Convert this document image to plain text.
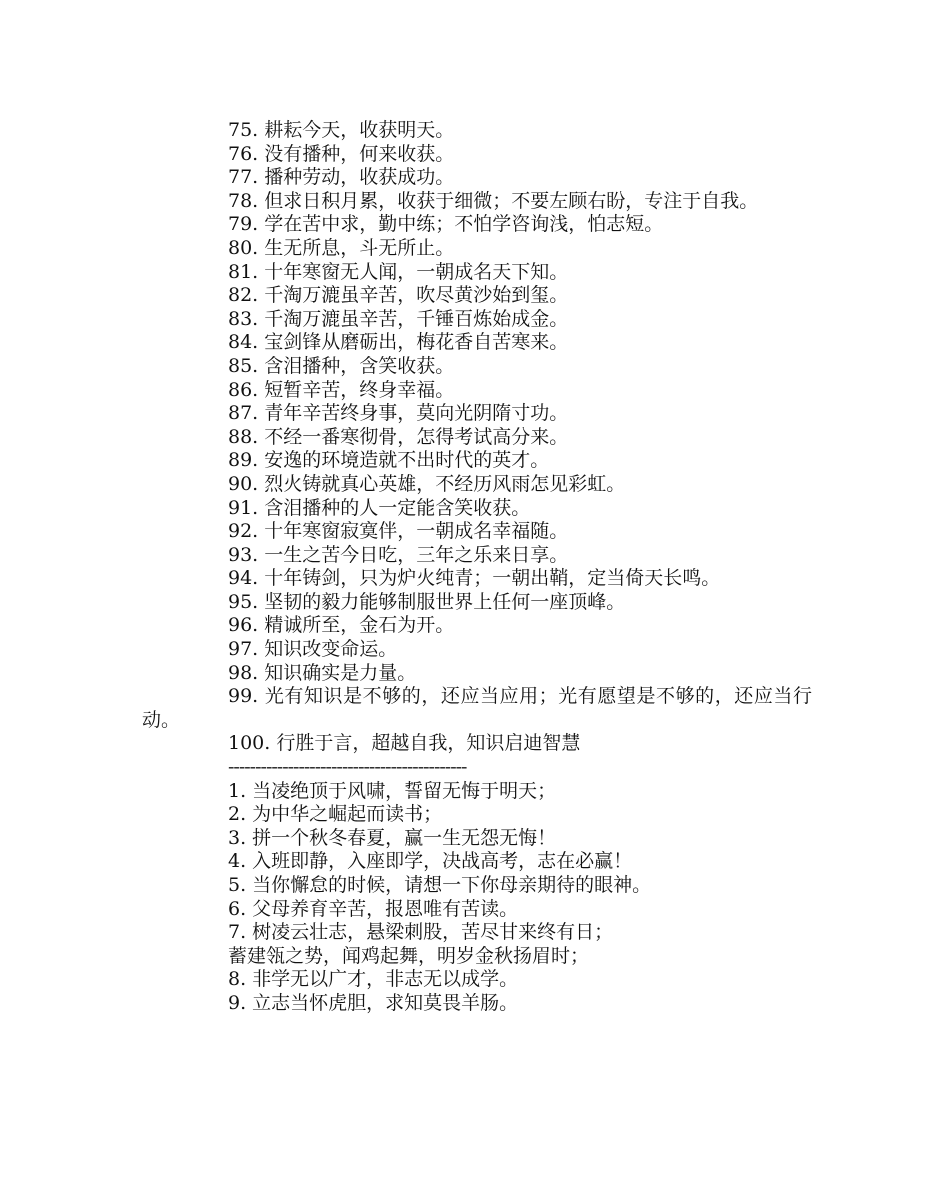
75. 耕耘今天，收获明天。
76. 没有播种，何来收获。
77. 播种劳动，收获成功。
78. 但求日积月累，收获于细微；不要左顾右盼，专注于自我。
79. 学在苦中求，勤中练；不怕学咨询浅，怕志短。
80. 生无所息，斗无所止。
81. 十年寒窗无人闻，一朝成名天下知。
82. 千淘万漉虽辛苦，吹尽黄沙始到玺。
83. 千淘万漉虽辛苦，千锤百炼始成金。
84. 宝剑锋从磨砺出，梅花香自苦寒来。
85. 含泪播种，含笑收获。
86. 短暂辛苦，终身幸福。
87. 青年辛苦终身事，莫向光阴隋寸功。
88. 不经一番寒彻骨，怎得考试高分来。
89. 安逸的环境造就不出时代的英才。
90. 烈火铸就真心英雄，不经历风雨怎见彩虹。
91. 含泪播种的人一定能含笑收获。
92. 十年寒窗寂寞伴，一朝成名幸福随。
93. 一生之苦今日吃，三年之乐来日享。
94. 十年铸剑，只为炉火纯青；一朝出鞘，定当倚天长鸣。
95. 坚韧的毅力能够制服世界上任何一座顶峰。
96. 精诚所至，金石为开。
97. 知识改变命运。
98. 知识确实是力量。
99. 光有知识是不够的，还应当应用；光有愿望是不够的，还应当行动。
100. 行胜于言，超越自我，知识启迪智慧
--------------------------------------------
1. 当凌绝顶于风啸，誓留无悔于明天；
2. 为中华之崛起而读书；
3. 拼一个秋冬春夏，赢一生无怨无悔！
4. 入班即静，入座即学，决战高考，志在必赢！
5. 当你懈怠的时候，请想一下你母亲期待的眼神。
6. 父母养育辛苦，报恩唯有苦读。
7. 树凌云壮志，悬梁刺股，苦尽甘来终有日；
蓄建瓴之势，闻鸡起舞，明岁金秋扬眉时；
8. 非学无以广才，非志无以成学。
9. 立志当怀虎胆，求知莫畏羊肠。
